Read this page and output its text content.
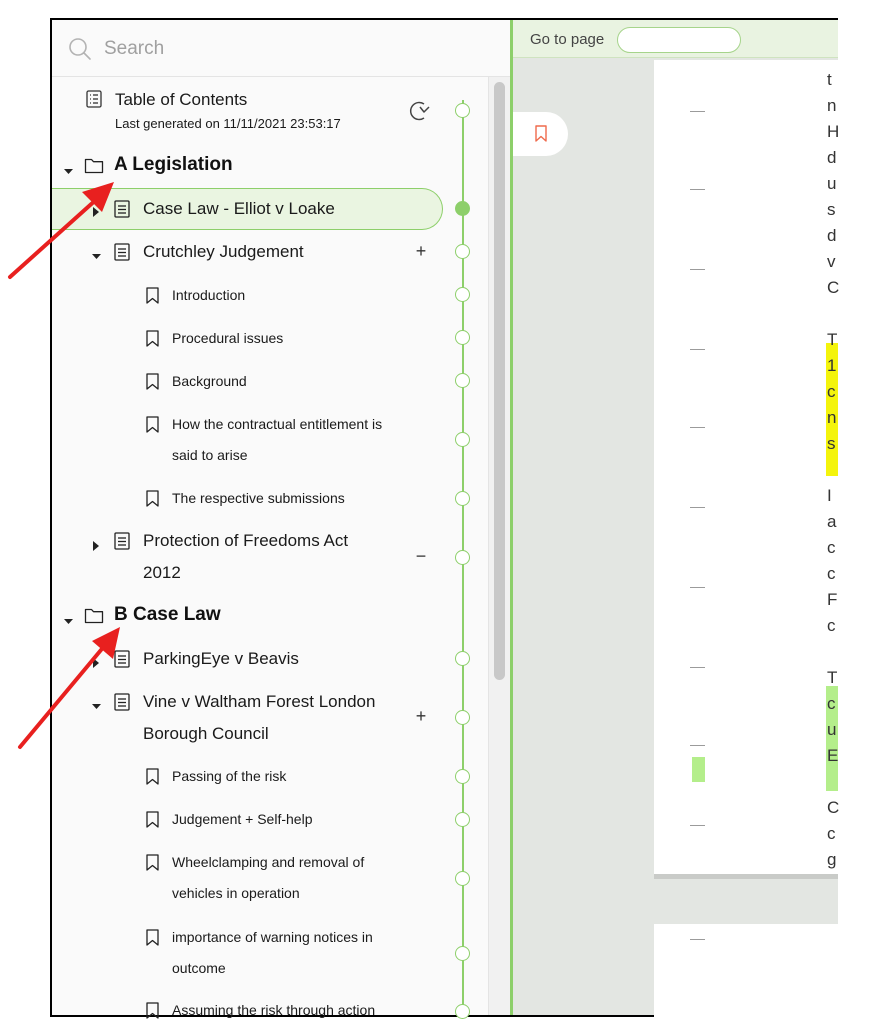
Search
Table of Contents
Last generated on 11/11/2021 23:53:17
A Legislation
Case Law - Elliot v Loake
Crutchley Judgement	+
Introduction
Procedural issues
Background
How the contractual entitlement is
said to arise
The respective submissions
Protection of Freedoms Act
2012
−
B Case Law
ParkingEye v Beavis
Vine v Waltham Forest London
Borough Council
+
Passing of the risk
Judgement + Self-help
Wheelclamping and removal of
vehicles in operation
importance of warning notices in
outcome
Assuming the risk through action
Go to page
t
n
H
d
u
s
d
v
C
T
1
c
n
s
I
a
c
c
F
c
T
c
u
E
C
c
g
